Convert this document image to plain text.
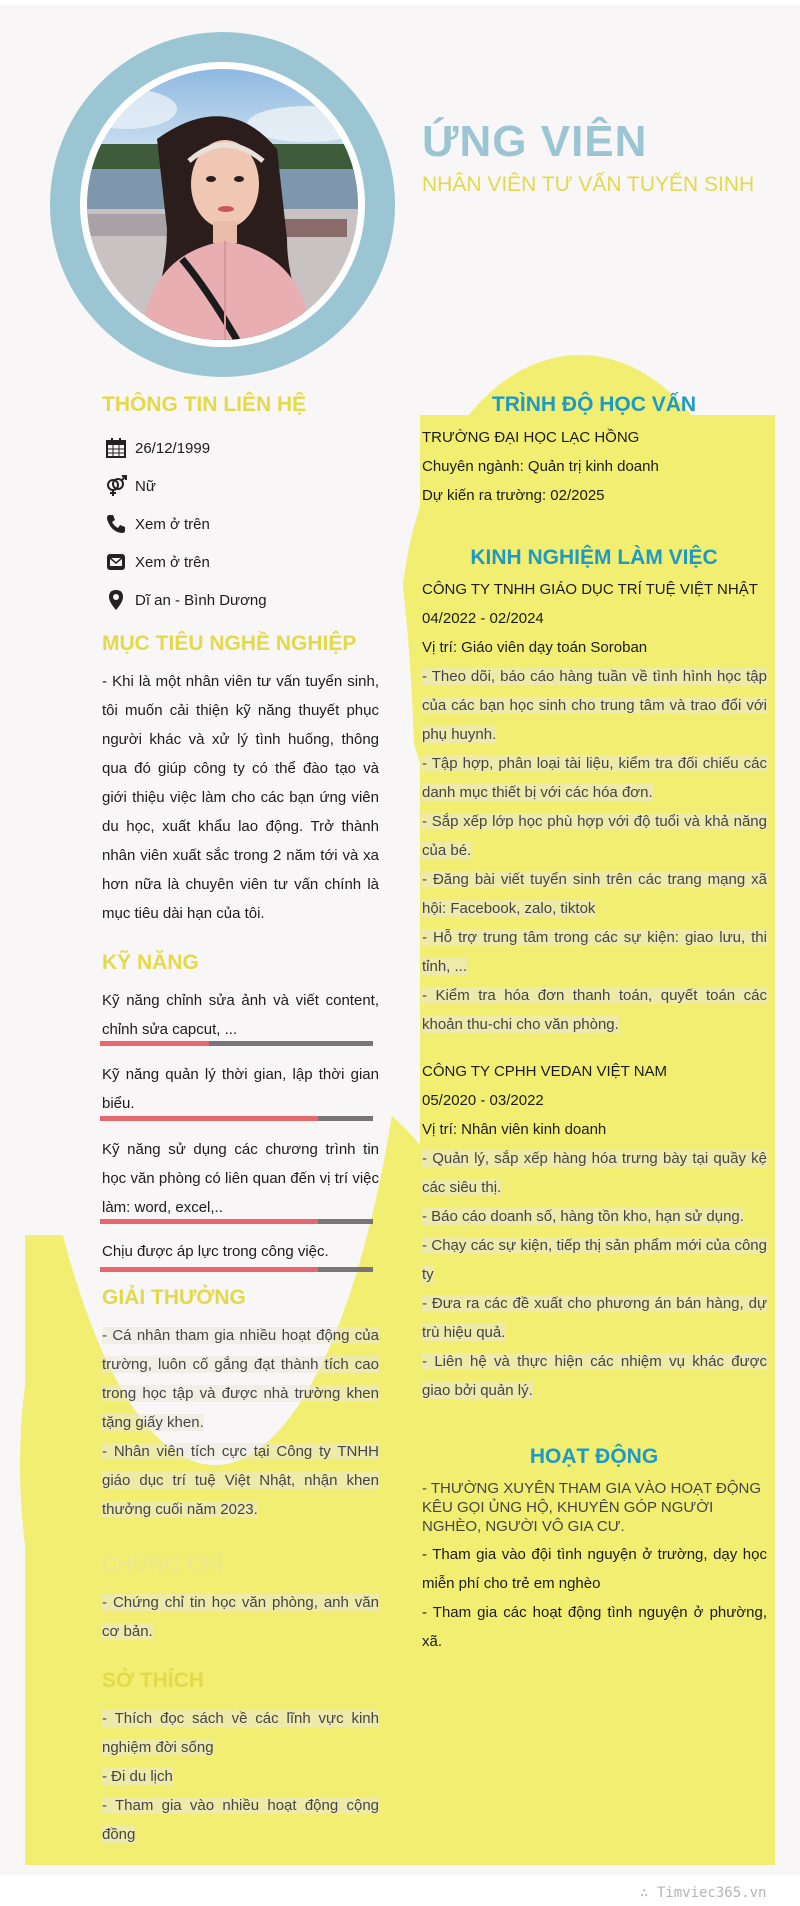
ỨNG VIÊN
NHÂN VIÊN TƯ VẤN TUYỂN SINH
THÔNG TIN LIÊN HỆ
26/12/1999
Nữ
Xem ở trên
Xem ở trên
Dĩ an - Bình Dương
MỤC TIÊU NGHỀ NGHIỆP
- Khi là một nhân viên tư vấn tuyển sinh, tôi muốn cải thiện kỹ năng thuyết phục người khác và xử lý tình huống, thông qua đó giúp công ty có thể đào tạo và giới thiệu việc làm cho các bạn ứng viên du học, xuất khẩu lao động. Trở thành nhân viên xuất sắc trong 2 năm tới và xa hơn nữa là chuyên viên tư vấn chính là mục tiêu dài hạn của tôi.
KỸ NĂNG
Kỹ năng chỉnh sửa ảnh và viết content, chỉnh sửa capcut, ...
Kỹ năng quản lý thời gian, lập thời gian biểu.
Kỹ năng sử dụng các chương trình tin học văn phòng có liên quan đến vị trí việc làm: word, excel,..
Chịu được áp lực trong công việc.
GIẢI THƯỞNG
- Cá nhân tham gia nhiều hoạt động của trường, luôn cố gắng đạt thành tích cao trong học tập và được nhà trường khen tặng giấy khen.
- Nhân viên tích cực tại Công ty TNHH giáo dục trí tuệ Việt Nhật, nhận khen thưởng cuối năm 2023.
CHỨNG CHỈ
- Chứng chỉ tin học văn phòng, anh văn cơ bản.
SỞ THÍCH
- Thích đọc sách về các lĩnh vực kinh nghiệm đời sống
- Đi du lịch
- Tham gia vào nhiều hoạt động cộng đồng
TRÌNH ĐỘ HỌC VẤN
TRƯỜNG ĐẠI HỌC LẠC HỒNG
Chuyên ngành: Quản trị kinh doanh
Dự kiến ra trường: 02/2025
KINH NGHIỆM LÀM VIỆC
CÔNG TY TNHH GIÁO DỤC TRÍ TUỆ VIỆT NHẬT
04/2022 - 02/2024
Vị trí: Giáo viên dạy toán Soroban
- Theo dõi, báo cáo hàng tuần về tình hình học tập của các bạn học sinh cho trung tâm và trao đổi với phụ huynh.
- Tập hợp, phân loại tài liệu, kiểm tra đối chiếu các danh mục thiết bị với các hóa đơn.
- Sắp xếp lớp học phù hợp với độ tuổi và khả năng của bé.
- Đăng bài viết tuyển sinh trên các trang mạng xã hội: Facebook, zalo, tiktok
- Hỗ trợ trung tâm trong các sự kiện: giao lưu, thi tỉnh, ...
- Kiểm tra hóa đơn thanh toán, quyết toán các khoản thu-chi cho văn phòng.
CÔNG TY CPHH VEDAN VIỆT NAM
05/2020 - 03/2022
Vị trí: Nhân viên kinh doanh
- Quản lý, sắp xếp hàng hóa trưng bày tại quầy kệ các siêu thị.
- Báo cáo doanh số, hàng tồn kho, hạn sử dụng.
- Chạy các sự kiện, tiếp thị sản phẩm mới của công ty
- Đưa ra các đề xuất cho phương án bán hàng, dự trù hiệu quả.
- Liên hệ và thực hiện các nhiệm vụ khác được giao bởi quản lý.
HOẠT ĐỘNG
- THƯỜNG XUYÊN THAM GIA VÀO HOẠT ĐỘNG KÊU GỌI ỦNG HỘ, KHUYÊN GÓP NGƯỜI NGHÈO, NGƯỜI VÔ GIA CƯ.
- Tham gia vào đội tình nguyện ở trường, dạy học miễn phí cho trẻ em nghèo
- Tham gia các hoạt động tình nguyện ở phường, xã.
∴ Timviec365.vn
